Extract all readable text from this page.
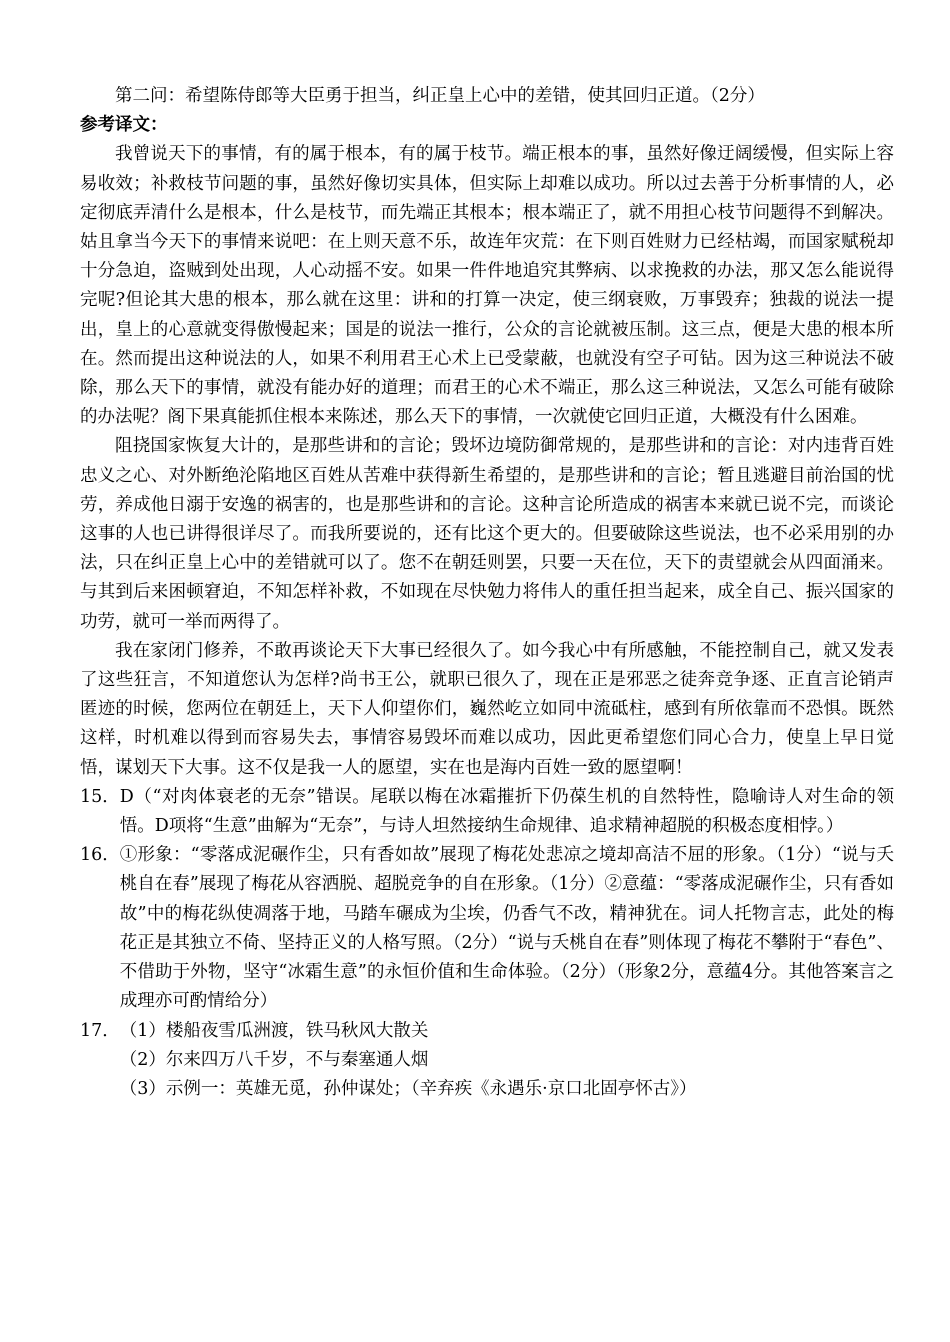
第二问：希望陈侍郎等大臣勇于担当，纠正皇上心中的差错，使其回归正道。（2分）

参考译文：

我曾说天下的事情，有的属于根本，有的属于枝节。端正根本的事，虽然好像迂阔缓慢，但实际上容易收效；补救枝节问题的事，虽然好像切实具体，但实际上却难以成功。所以过去善于分析事情的人，必定彻底弄清什么是根本，什么是枝节，而先端正其根本；根本端正了，就不用担心枝节问题得不到解决。姑且拿当今天下的事情来说吧：在上则天意不乐，故连年灾荒：在下则百姓财力已经枯竭，而国家赋税却十分急迫，盗贼到处出现，人心动摇不安。如果一件件地追究其弊病、以求挽救的办法，那又怎么能说得完呢?但论其大患的根本，那么就在这里：讲和的打算一决定，使三纲衰败，万事毁弃；独裁的说法一提出，皇上的心意就变得傲慢起来；国是的说法一推行，公众的言论就被压制。这三点，便是大患的根本所在。然而提出这种说法的人，如果不利用君王心术上已受蒙蔽，也就没有空子可钻。因为这三种说法不破除，那么天下的事情，就没有能办好的道理；而君王的心术不端正，那么这三种说法，又怎么可能有破除的办法呢？阁下果真能抓住根本来陈述，那么天下的事情，一次就使它回归正道，大概没有什么困难。

阻挠国家恢复大计的，是那些讲和的言论；毁坏边境防御常规的，是那些讲和的言论：对内违背百姓忠义之心、对外断绝沦陷地区百姓从苦难中获得新生希望的，是那些讲和的言论；暂且逃避目前治国的忧劳，养成他日溺于安逸的祸害的，也是那些讲和的言论。这种言论所造成的祸害本来就已说不完，而谈论这事的人也已讲得很详尽了。而我所要说的，还有比这个更大的。但要破除这些说法，也不必采用别的办法，只在纠正皇上心中的差错就可以了。您不在朝廷则罢，只要一天在位，天下的责望就会从四面涌来。与其到后来困顿窘迫，不知怎样补救，不如现在尽快勉力将伟人的重任担当起来，成全自己、振兴国家的功劳，就可一举而两得了。

我在家闭门修养，不敢再谈论天下大事已经很久了。如今我心中有所感触，不能控制自己，就又发表了这些狂言，不知道您认为怎样?尚书王公，就职已很久了，现在正是邪恶之徒奔竞争逐、正直言论销声匿迹的时候，您两位在朝廷上，天下人仰望你们，巍然屹立如同中流砥柱，感到有所依靠而不恐惧。既然这样，时机难以得到而容易失去，事情容易毁坏而难以成功，因此更希望您们同心合力，使皇上早日觉悟，谋划天下大事。这不仅是我一人的愿望，实在也是海内百姓一致的愿望啊！

15． D（“对肉体衰老的无奈”错误。尾联以梅在冰霜摧折下仍葆生机的自然特性，隐喻诗人对生命的领悟。D项将“生意”曲解为“无奈”，与诗人坦然接纳生命规律、追求精神超脱的积极态度相悖。）
16． ①形象：“零落成泥碾作尘，只有香如故”展现了梅花处悲凉之境却高洁不屈的形象。（1分）“说与夭桃自在春”展现了梅花从容洒脱、超脱竞争的自在形象。（1分）②意蕴：“零落成泥碾作尘，只有香如故”中的梅花纵使凋落于地，马踏车碾成为尘埃，仍香气不改，精神犹在。词人托物言志，此处的梅花正是其独立不倚、坚持正义的人格写照。（2分）“说与夭桃自在春”则体现了梅花不攀附于“春色”、不借助于外物，坚守“冰霜生意”的永恒价值和生命体验。（2分）（形象2分，意蕴4分。其他答案言之成理亦可酌情给分）
17． （1）楼船夜雪瓜洲渡，铁马秋风大散关
（2）尔来四万八千岁，不与秦塞通人烟
（3）示例一：英雄无觅，孙仲谋处；（辛弃疾《永遇乐·京口北固亭怀古》）
